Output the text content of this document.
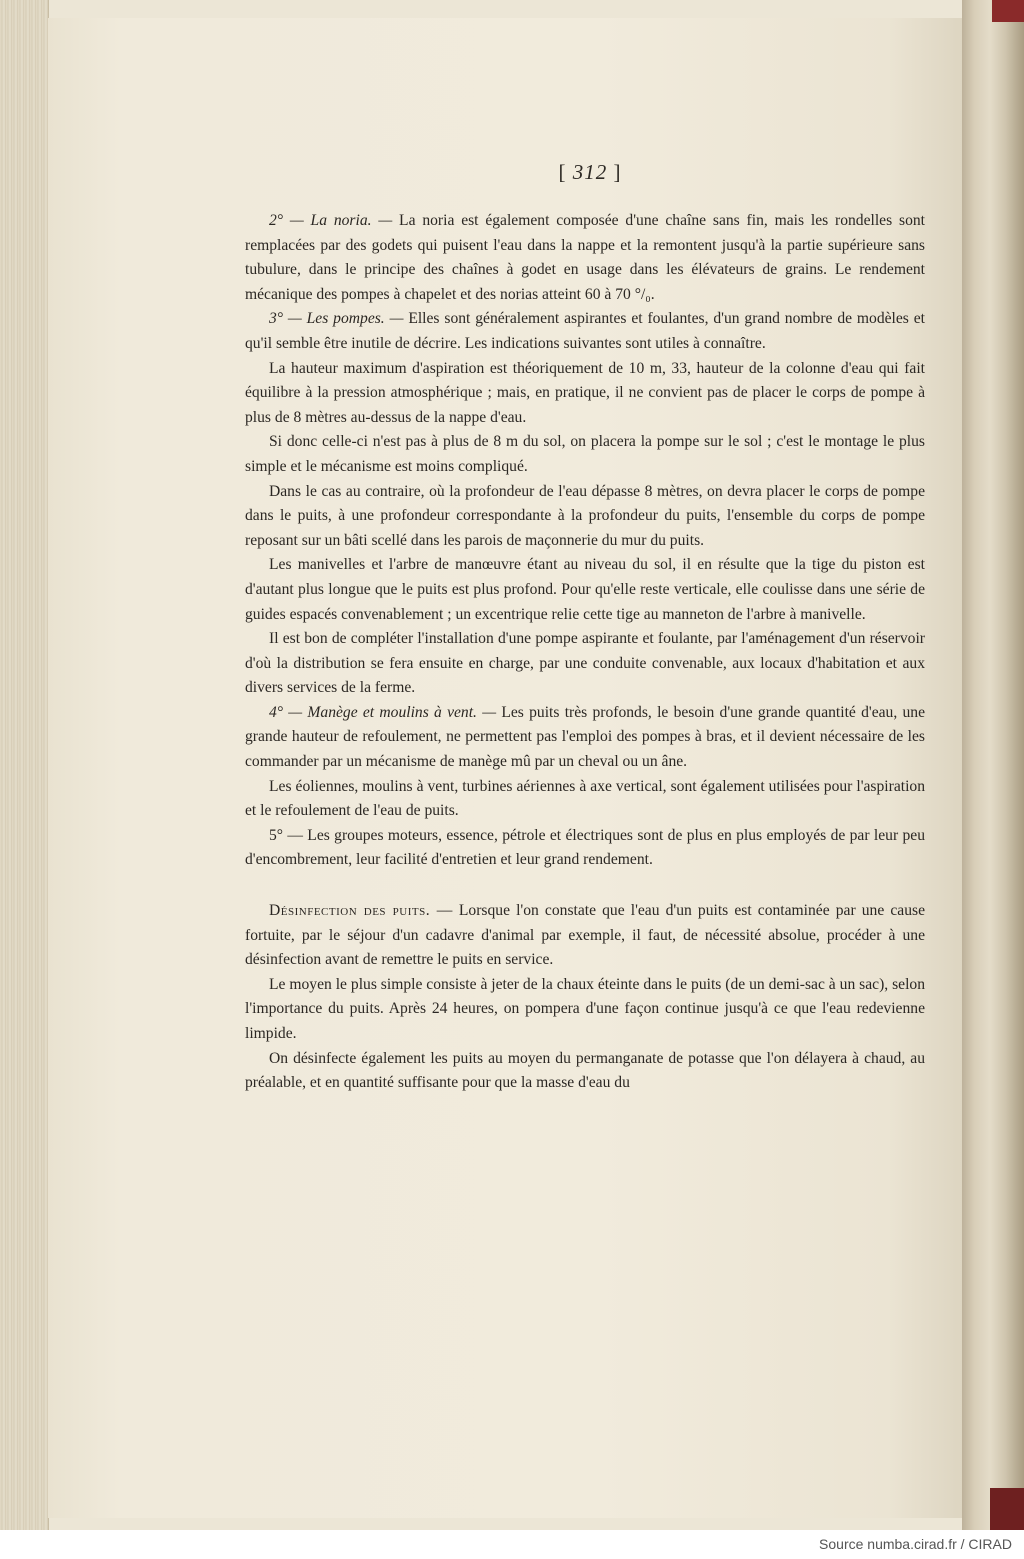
[ 312 ]

2° — La noria. — La noria est également composée d'une chaîne sans fin, mais les rondelles sont remplacées par des godets qui puisent l'eau dans la nappe et la remontent jusqu'à la partie supérieure sans tubulure, dans le principe des chaînes à godet en usage dans les élévateurs de grains. Le rendement mécanique des pompes à chapelet et des norias atteint 60 à 70 °/₀.

3° — Les pompes. — Elles sont généralement aspirantes et foulantes, d'un grand nombre de modèles et qu'il semble être inutile de décrire. Les indications suivantes sont utiles à connaître.

La hauteur maximum d'aspiration est théoriquement de 10 m, 33, hauteur de la colonne d'eau qui fait équilibre à la pression atmosphérique ; mais, en pratique, il ne convient pas de placer le corps de pompe à plus de 8 mètres au-dessus de la nappe d'eau.

Si donc celle-ci n'est pas à plus de 8 m du sol, on placera la pompe sur le sol ; c'est le montage le plus simple et le mécanisme est moins compliqué.

Dans le cas au contraire, où la profondeur de l'eau dépasse 8 mètres, on devra placer le corps de pompe dans le puits, à une profondeur correspondante à la profondeur du puits, l'ensemble du corps de pompe reposant sur un bâti scellé dans les parois de maçonnerie du mur du puits.

Les manivelles et l'arbre de manœuvre étant au niveau du sol, il en résulte que la tige du piston est d'autant plus longue que le puits est plus profond. Pour qu'elle reste verticale, elle coulisse dans une série de guides espacés convenablement ; un excentrique relie cette tige au manneton de l'arbre à manivelle.

Il est bon de compléter l'installation d'une pompe aspirante et foulante, par l'aménagement d'un réservoir d'où la distribution se fera ensuite en charge, par une conduite convenable, aux locaux d'habitation et aux divers services de la ferme.

4° — Manège et moulins à vent. — Les puits très profonds, le besoin d'une grande quantité d'eau, une grande hauteur de refoulement, ne permettent pas l'emploi des pompes à bras, et il devient nécessaire de les commander par un mécanisme de manège mû par un cheval ou un âne.

Les éoliennes, moulins à vent, turbines aériennes à axe vertical, sont également utilisées pour l'aspiration et le refoulement de l'eau de puits.

5° — Les groupes moteurs, essence, pétrole et électriques sont de plus en plus employés de par leur peu d'encombrement, leur facilité d'entretien et leur grand rendement.

Désinfection des puits. — Lorsque l'on constate que l'eau d'un puits est contaminée par une cause fortuite, par le séjour d'un cadavre d'animal par exemple, il faut, de nécessité absolue, procéder à une désinfection avant de remettre le puits en service.

Le moyen le plus simple consiste à jeter de la chaux éteinte dans le puits (de un demi-sac à un sac), selon l'importance du puits. Après 24 heures, on pompera d'une façon continue jusqu'à ce que l'eau redevienne limpide.

On désinfecte également les puits au moyen du permanganate de potasse que l'on délayera à chaud, au préalable, et en quantité suffisante pour que la masse d'eau du

Source numba.cirad.fr / CIRAD
